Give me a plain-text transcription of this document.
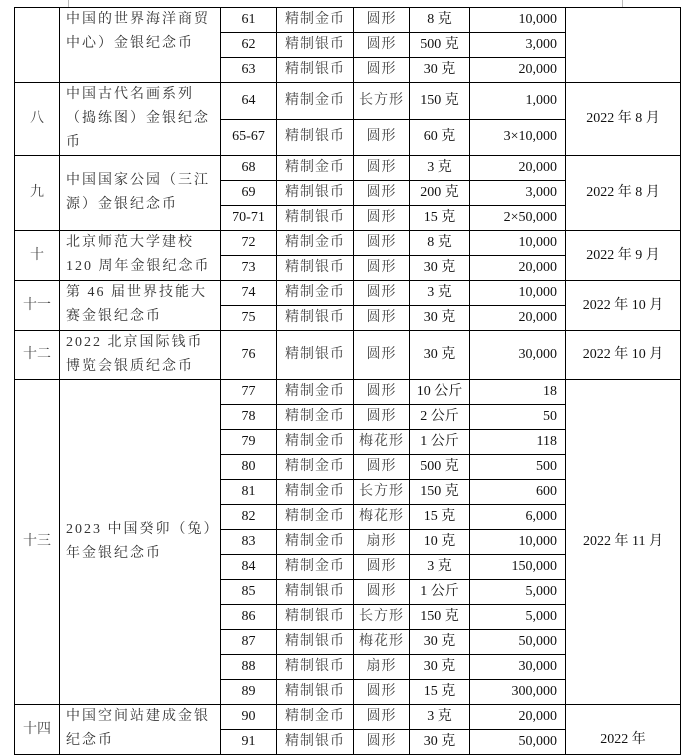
	中国的世界海洋商贸中心）金银纪念币	61	精制金币	圆形	8 克	10,000	
		62	精制银币	圆形	500 克	3,000	
		63	精制银币	圆形	30 克	20,000	
八	中国古代名画系列（捣练图）金银纪念币	64	精制金币	长方形	150 克	1,000	2022 年 8 月
		65-67	精制银币	圆形	60 克	3×10,000	
九	中国国家公园（三江源）金银纪念币	68	精制金币	圆形	3 克	20,000	2022 年 8 月
		69	精制银币	圆形	200 克	3,000	
		70-71	精制银币	圆形	15 克	2×50,000	
十	北京师范大学建校 120 周年金银纪念币	72	精制金币	圆形	8 克	10,000	2022 年 9 月
		73	精制银币	圆形	30 克	20,000	
十一	第 46 届世界技能大赛金银纪念币	74	精制金币	圆形	3 克	10,000	2022 年 10 月
		75	精制银币	圆形	30 克	20,000	
十二	2022 北京国际钱币博览会银质纪念币	76	精制银币	圆形	30 克	30,000	2022 年 10 月
十三	2023 中国癸卯（兔）年金银纪念币	77	精制金币	圆形	10 公斤	18	2022 年 11 月
		78	精制金币	圆形	2 公斤	50	
		79	精制金币	梅花形	1 公斤	118	
		80	精制金币	圆形	500 克	500	
		81	精制金币	长方形	150 克	600	
		82	精制金币	梅花形	15 克	6,000	
		83	精制金币	扇形	10 克	10,000	
		84	精制金币	圆形	3 克	150,000	
		85	精制银币	圆形	1 公斤	5,000	
		86	精制银币	长方形	150 克	5,000	
		87	精制银币	梅花形	30 克	50,000	
		88	精制银币	扇形	30 克	30,000	
		89	精制银币	圆形	15 克	300,000	
十四	中国空间站建成金银纪念币	90	精制金币	圆形	3 克	20,000	2022 年
		91	精制银币	圆形	30 克	50,000	
